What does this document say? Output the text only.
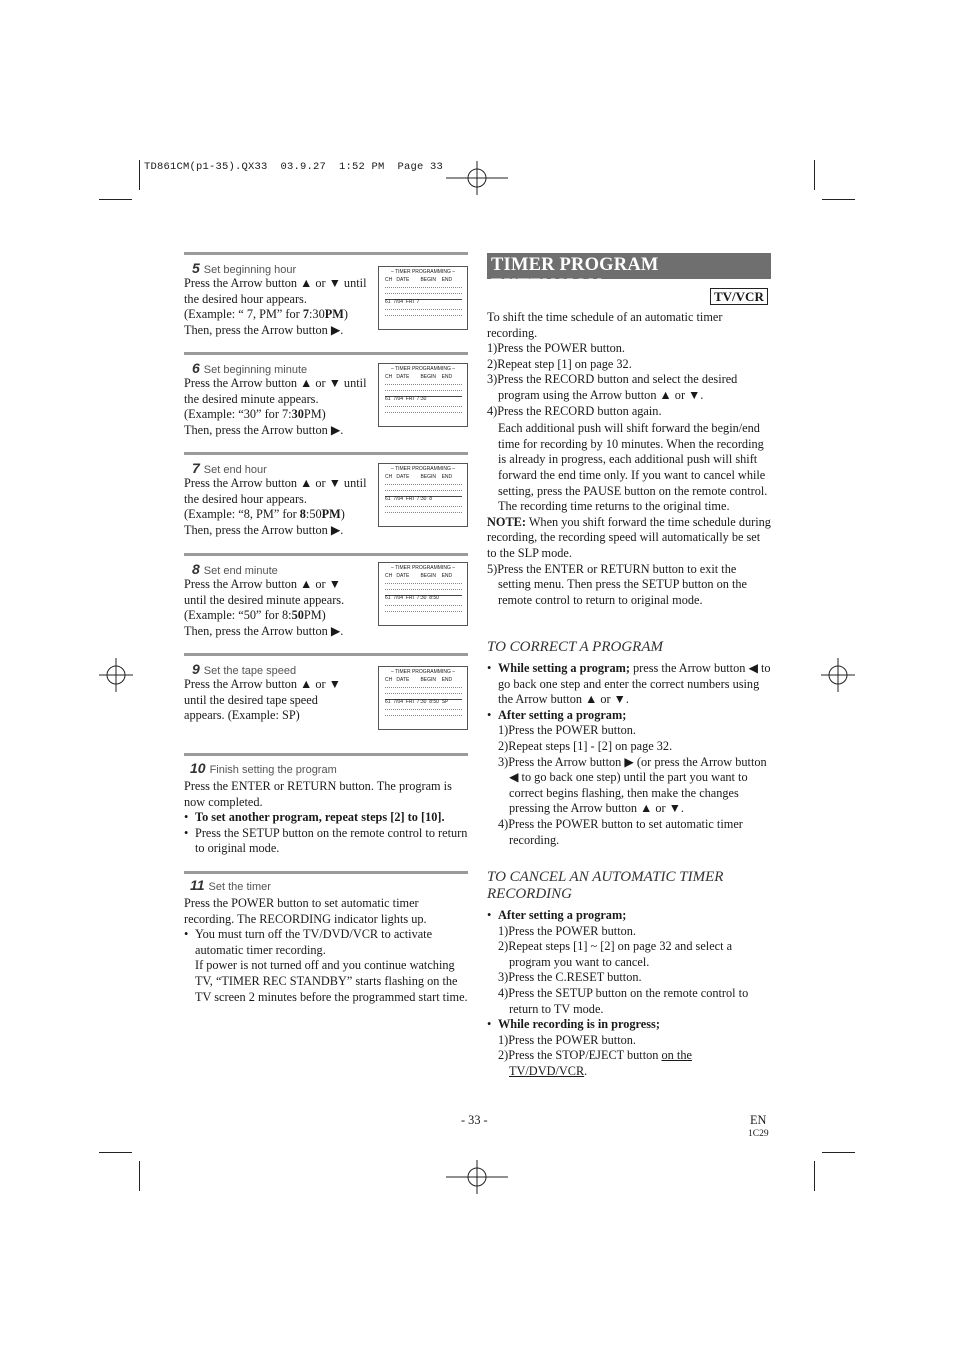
TD861CM(p1-35).QX33  03.9.27  1:52 PM  Page 33
5 Set beginning hour
Press the Arrow button ▲ or ▼ until
the desired hour appears.
(Example: “ 7, PM” for 7:30PM)
Then, press the Arrow button ▶.
– TIMER PROGRAMMING –
CH   DATE        BEGIN    END
61  7/04  FRI  7
6 Set beginning minute
Press the Arrow button ▲ or ▼ until
the desired minute appears.
(Example: “30” for 7:30PM)
Then, press the Arrow button ▶.
– TIMER PROGRAMMING –
CH   DATE        BEGIN    END
61  7/04  FRI  7:30
7 Set end hour
Press the Arrow button ▲ or ▼ until
the desired hour appears.
(Example: “8, PM” for 8:50PM)
Then, press the Arrow button ▶.
– TIMER PROGRAMMING –
CH   DATE        BEGIN    END
61  7/04  FRI  7:30  8
8 Set end minute
Press the Arrow button ▲ or ▼
until the desired minute appears.
(Example: “50” for 8:50PM)
Then, press the Arrow button ▶.
– TIMER PROGRAMMING –
CH   DATE        BEGIN    END
61  7/04  FRI  7:30  8:50
9 Set the tape speed
Press the Arrow button ▲ or ▼
until the desired tape speed
appears. (Example: SP)
– TIMER PROGRAMMING –
CH   DATE        BEGIN    END
61  7/04  FRI  7:30  8:50  SP
10 Finish setting the program
Press the ENTER or RETURN button. The program is now completed.
• To set another program, repeat steps [2] to [10].
• Press the SETUP button on the remote control to return to original mode.
11 Set the timer
Press the POWER button to set automatic timer recording. The RECORDING indicator lights up.
• You must turn off the TV/DVD/VCR to activate automatic timer recording.
If power is not turned off and you continue watching TV, “TIMER REC STANDBY” starts flashing on the TV screen 2 minutes before the programmed start time.
TIMER PROGRAM EXTENSION
TV/VCR

To shift the time schedule of an automatic timer recording.

1)Press the POWER button.

2)Repeat step [1] on page 32.

3)Press the RECORD button and select the desired program using the Arrow button ▲ or ▼.

4)Press the RECORD button again.

Each additional push will shift forward the begin/end time for recording by 10 minutes. When the recording is already in progress, each additional push will shift forward the end time only. If you want to cancel while setting, press the PAUSE button on the remote control. The recording time returns to the original time.

NOTE: When you shift forward the time schedule during recording, the recording speed will automatically be set to the SLP mode.

5)Press the ENTER or RETURN button to exit the setting menu. Then press the SETUP button on the remote control to return to original mode.

TO CORRECT A PROGRAM

• While setting a program; press the Arrow button ◀ to go back one step and enter the correct numbers using the Arrow button ▲ or ▼.

• After setting a program;

1)Press the POWER button.

2)Repeat steps [1] - [2] on page 32.

3)Press the Arrow button ▶ (or press the Arrow button ◀ to go back one step) until the part you want to correct begins flashing, then make the changes pressing the Arrow button ▲ or ▼.

4)Press the POWER button to set automatic timer recording.

TO CANCEL AN AUTOMATIC TIMER RECORDING

• After setting a program;

1)Press the POWER button.

2)Repeat steps [1] ~ [2] on page 32 and select a program you want to cancel.

3)Press the C.RESET button.

4)Press the SETUP button on the remote control to return to TV mode.

• While recording is in progress;

1)Press the POWER button.

2)Press the STOP/EJECT button on the TV/DVD/VCR.

- 33 -	EN
1C29
